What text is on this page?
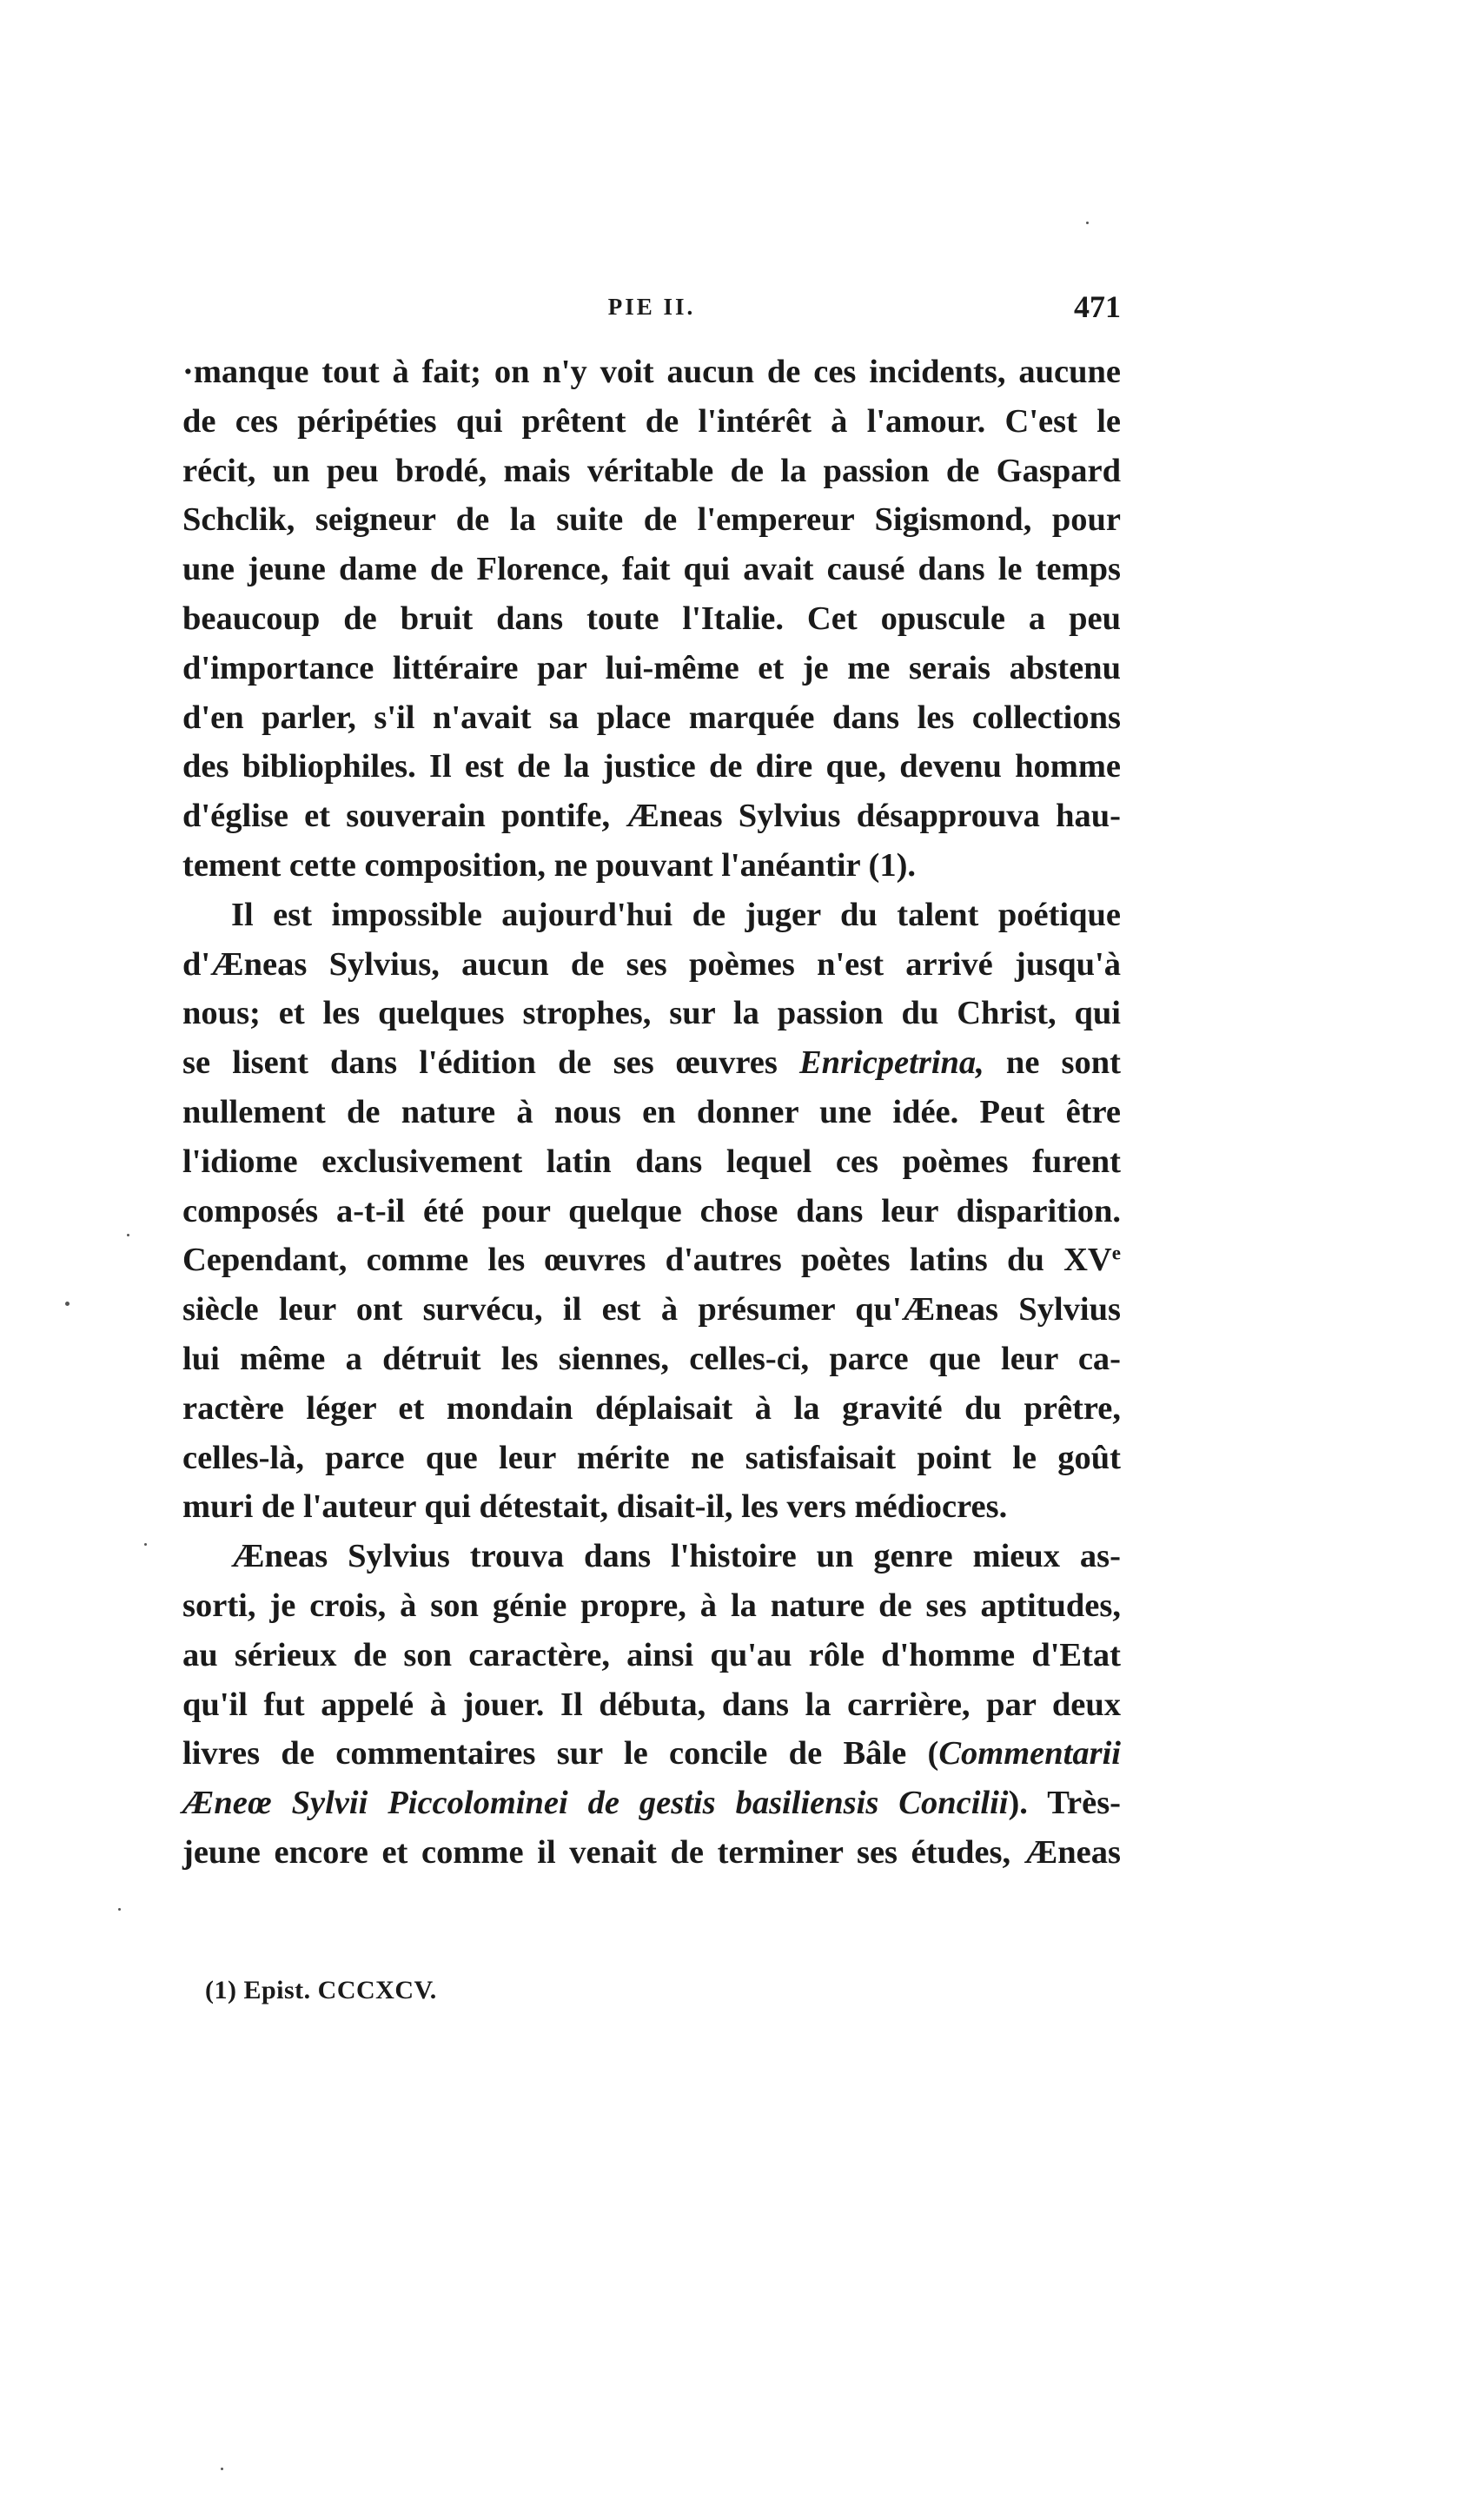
PIE II.	471
·manque tout à fait; on n'y voit aucun de ces incidents, aucune
de ces péripéties qui prêtent de l'intérêt à l'amour. C'est le
récit, un peu brodé, mais véritable de la passion de Gaspard
Schclik, seigneur de la suite de l'empereur Sigismond, pour
une jeune dame de Florence, fait qui avait causé dans le temps
beaucoup de bruit dans toute l'Italie. Cet opuscule a peu
d'importance littéraire par lui-même et je me serais abstenu
d'en parler, s'il n'avait sa place marquée dans les collections
des bibliophiles. Il est de la justice de dire que, devenu homme
d'église et souverain pontife, Æneas Sylvius désapprouva hau-
tement cette composition, ne pouvant l'anéantir (1).
Il est impossible aujourd'hui de juger du talent poétique
d'Æneas Sylvius, aucun de ses poèmes n'est arrivé jusqu'à
nous; et les quelques strophes, sur la passion du Christ, qui
se lisent dans l'édition de ses œuvres Enricpetrina, ne sont
nullement de nature à nous en donner une idée. Peut être
l'idiome exclusivement latin dans lequel ces poèmes furent
composés a-t-il été pour quelque chose dans leur disparition.
Cependant, comme les œuvres d'autres poètes latins du XVe
siècle leur ont survécu, il est à présumer qu'Æneas Sylvius
lui même a détruit les siennes, celles-ci, parce que leur ca-
ractère léger et mondain déplaisait à la gravité du prêtre,
celles-là, parce que leur mérite ne satisfaisait point le goût
muri de l'auteur qui détestait, disait-il, les vers médiocres.
Æneas Sylvius trouva dans l'histoire un genre mieux as-
sorti, je crois, à son génie propre, à la nature de ses aptitudes,
au sérieux de son caractère, ainsi qu'au rôle d'homme d'Etat
qu'il fut appelé à jouer. Il débuta, dans la carrière, par deux
livres de commentaires sur le concile de Bâle (Commentarii
Æneœ Sylvii Piccolominei de gestis basiliensis Concilii). Très-
jeune encore et comme il venait de terminer ses études, Æneas
(1) Epist. CCCXCV.
